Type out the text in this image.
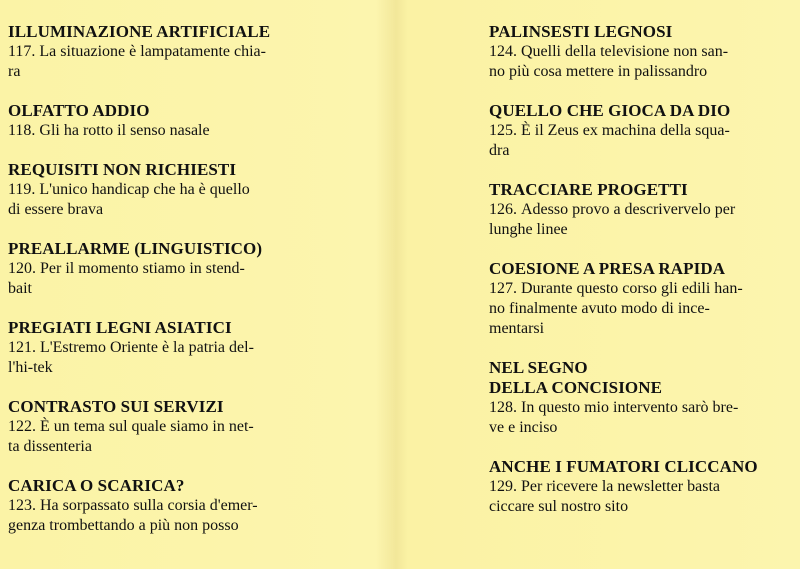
ILLUMINAZIONE ARTIFICIALE

117. La situazione è lampatamente chia-

ra

OLFATTO ADDIO

118. Gli ha rotto il senso nasale

REQUISITI NON RICHIESTI

119. L'unico handicap che ha è quello

di essere brava

PREALLARME (LINGUISTICO)

120. Per il momento stiamo in stend-

bait

PREGIATI LEGNI ASIATICI

121. L'Estremo Oriente è la patria del-

l'hi-tek

CONTRASTO SUI SERVIZI

122. È un tema sul quale siamo in net-

ta dissenteria

CARICA O SCARICA?

123. Ha sorpassato sulla corsia d'emer-

genza trombettando a più non posso

PALINSESTI LEGNOSI

124. Quelli della televisione non san-

no più cosa mettere in palissandro

QUELLO CHE GIOCA DA DIO

125. È il Zeus ex machina della squa-

dra

TRACCIARE PROGETTI

126. Adesso provo a descrivervelo per

lunghe linee

COESIONE A PRESA RAPIDA

127. Durante questo corso gli edili han-

no finalmente avuto modo di ince-

mentarsi

NEL SEGNO
DELLA CONCISIONE

128. In questo mio intervento sarò bre-

ve e inciso

ANCHE I FUMATORI CLICCANO

129. Per ricevere la newsletter basta

ciccare sul nostro sito
